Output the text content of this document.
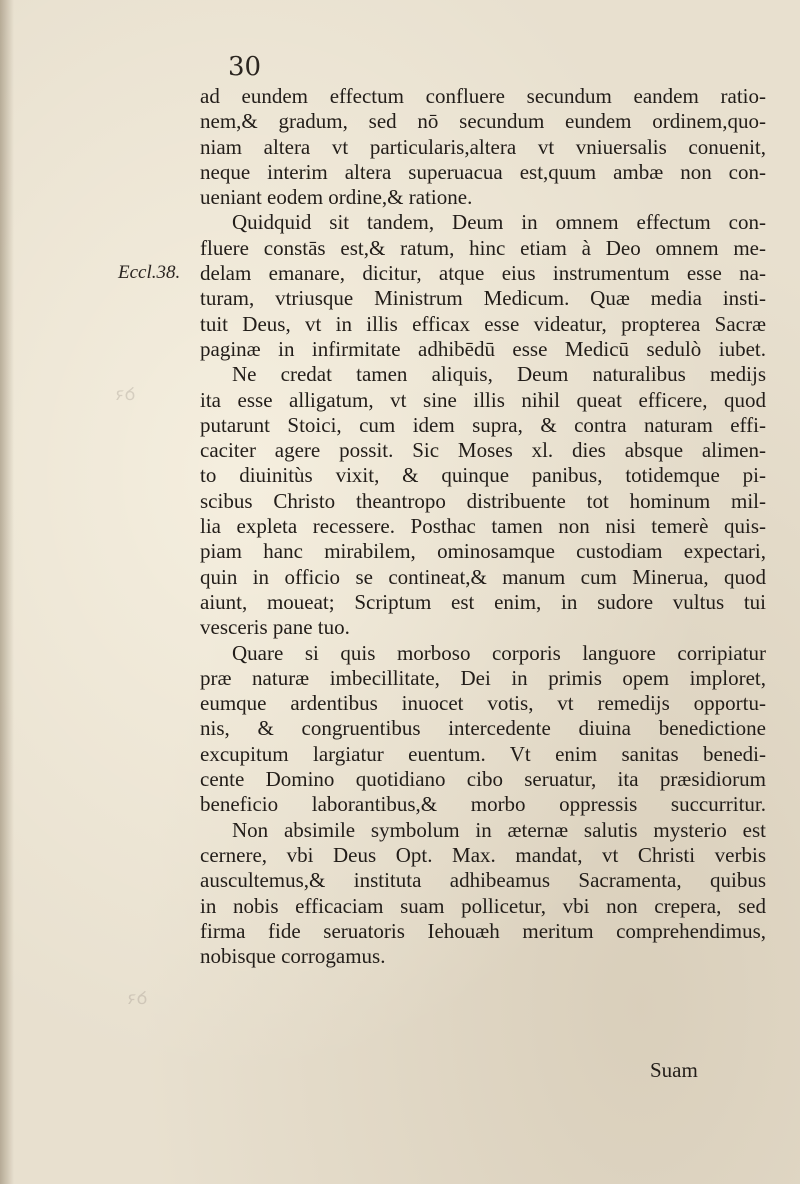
ꝺꝛ
ꝺꝛ
30
Eccl.38.
ad eundem effectum confluere secundum eandem ratio-
nem,& gradum, sed nō secundum eundem ordinem,quo-
niam altera vt particularis,altera vt vniuersalis conuenit,
neque interim altera superuacua est,quum ambæ non con-
ueniant eodem ordine,& ratione.
Quidquid sit tandem, Deum in omnem effectum con-
fluere constās est,& ratum, hinc etiam à Deo omnem me-
delam emanare, dicitur, atque eius instrumentum esse na-
turam, vtriusque Ministrum Medicum. Quæ media insti-
tuit Deus, vt in illis efficax esse videatur, propterea Sacræ
paginæ in infirmitate adhibēdū esse Medicū sedulò iubet.
Ne credat tamen aliquis, Deum naturalibus medijs
ita esse alligatum, vt sine illis nihil queat efficere, quod
putarunt Stoici, cum idem supra, & contra naturam effi-
caciter agere possit. Sic Moses xl. dies absque alimen-
to diuinitùs vixit, & quinque panibus, totidemque pi-
scibus Christo theantropo distribuente tot hominum mil-
lia expleta recessere. Posthac tamen non nisi temerè quis-
piam hanc mirabilem, ominosamque custodiam expectari,
quin in officio se contineat,& manum cum Minerua, quod
aiunt, moueat; Scriptum est enim, in sudore vultus tui
vesceris pane tuo.
Quare si quis morboso corporis languore corripiatur
præ naturæ imbecillitate, Dei in primis opem imploret,
eumque ardentibus inuocet votis, vt remedijs opportu-
nis, & congruentibus intercedente diuina benedictione
excupitum largiatur euentum. Vt enim sanitas benedi-
cente Domino quotidiano cibo seruatur, ita præsidiorum
beneficio laborantibus,& morbo oppressis succurritur.
Non absimile symbolum in æternæ salutis mysterio est
cernere, vbi Deus Opt. Max. mandat, vt Christi verbis
auscultemus,& instituta adhibeamus Sacramenta, quibus
in nobis efficaciam suam pollicetur, vbi non crepera, sed
firma fide seruatoris Iehouæh meritum comprehendimus,
nobisque corrogamus.
Suam
